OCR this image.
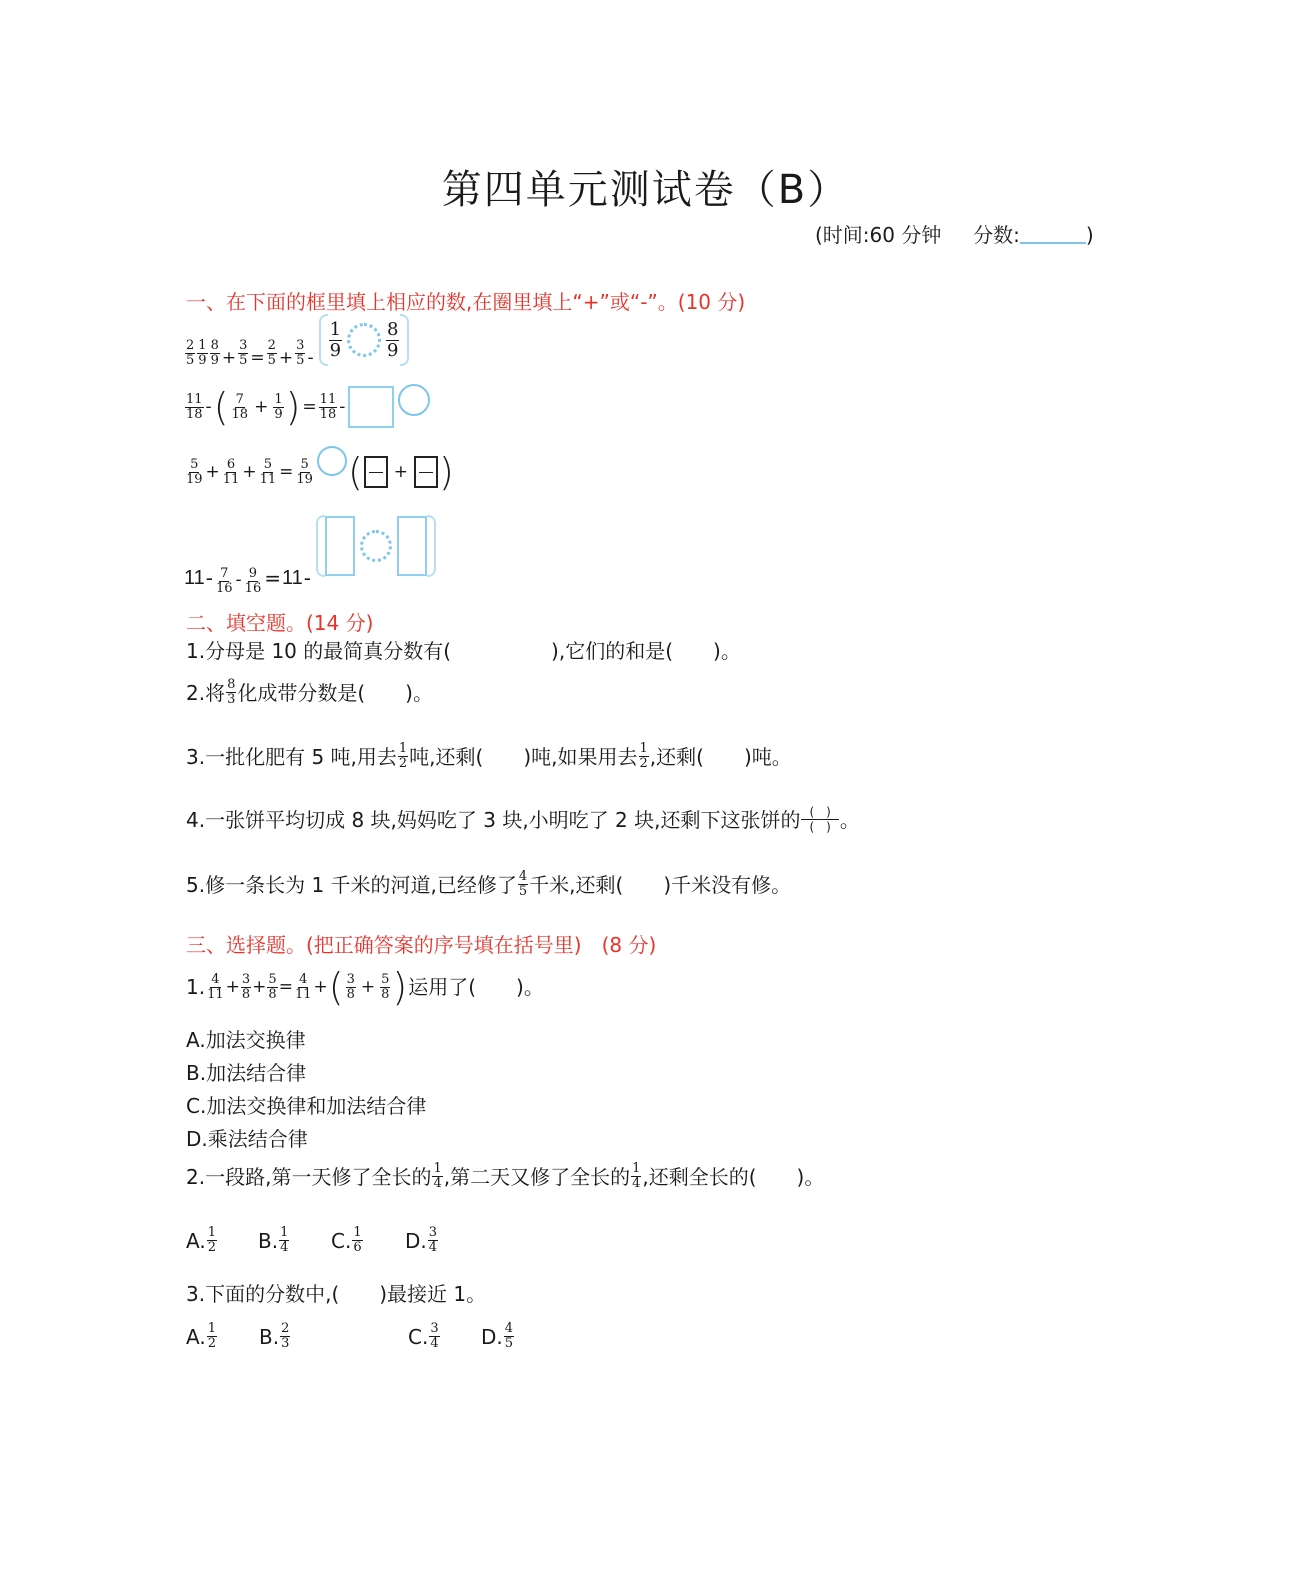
第四单元测试卷（B）
(时间:60 分钟 分数:	)
一、在下面的框里填上相应的数,在圈里填上“+”或“-”。(10 分)
$\frac{2}{5} \frac{1}{9} \frac{8}{9} + \frac{3}{5} = \frac{2}{5} + \frac{3}{5} - \frac{1}{9} \frac{8}{9}$
$\frac{11}{18}$ - ( $\frac{7}{18} + \frac{1}{9}$ ) = $\frac{11}{18}$ -
$\frac{5}{19} + \frac{6}{11} + \frac{5}{11} = \frac{5}{19}$ ( + )
$11 - \frac{7}{16} - \frac{9}{16} = 11$ -
二、填空题。(14 分)
1.分母是 10 的最简真分数有(　　　　　),它们的和是(　　)。
2.将 $\frac{8}{3}$ 化成带分数是(　　)。
3.一批化肥有 5 吨,用去 $\frac{1}{2}$ 吨,还剩(　　)吨,如果用去 $\frac{1}{2}$ ,还剩(　　)吨。
4.一张饼平均切成 8 块,妈妈吃了 3 块,小明吃了 2 块,还剩下这张饼的 $\frac{( )}{( )}$ 。
5.修一条长为 1 千米的河道,已经修了 $\frac{4}{5}$ 千米,还剩(　　)千米没有修。
三、选择题。(把正确答案的序号填在括号里)　(8 分)
1. $\frac{4}{11} + \frac{3}{8} + \frac{5}{8} = \frac{4}{11}$ + ( $\frac{3}{8} + \frac{5}{8}$ ) 运用了(　　)。
A.加法交换律
B.加法结合律
C.加法交换律和加法结合律
D.乘法结合律
2.一段路,第一天修了全长的 $\frac{1}{4}$ ,第二天又修了全长的 $\frac{1}{4}$ ,还剩全长的(　　)。
A. $\frac{1}{2} B$. $\frac{1}{4} C$. $\frac{1}{6} D$. $\frac{3}{4}$
3.下面的分数中,(　　)最接近 1。
A. $\frac{1}{2} B$. $\frac{2}{3}$	C. $\frac{3}{4} D$. $\frac{4}{5}$
